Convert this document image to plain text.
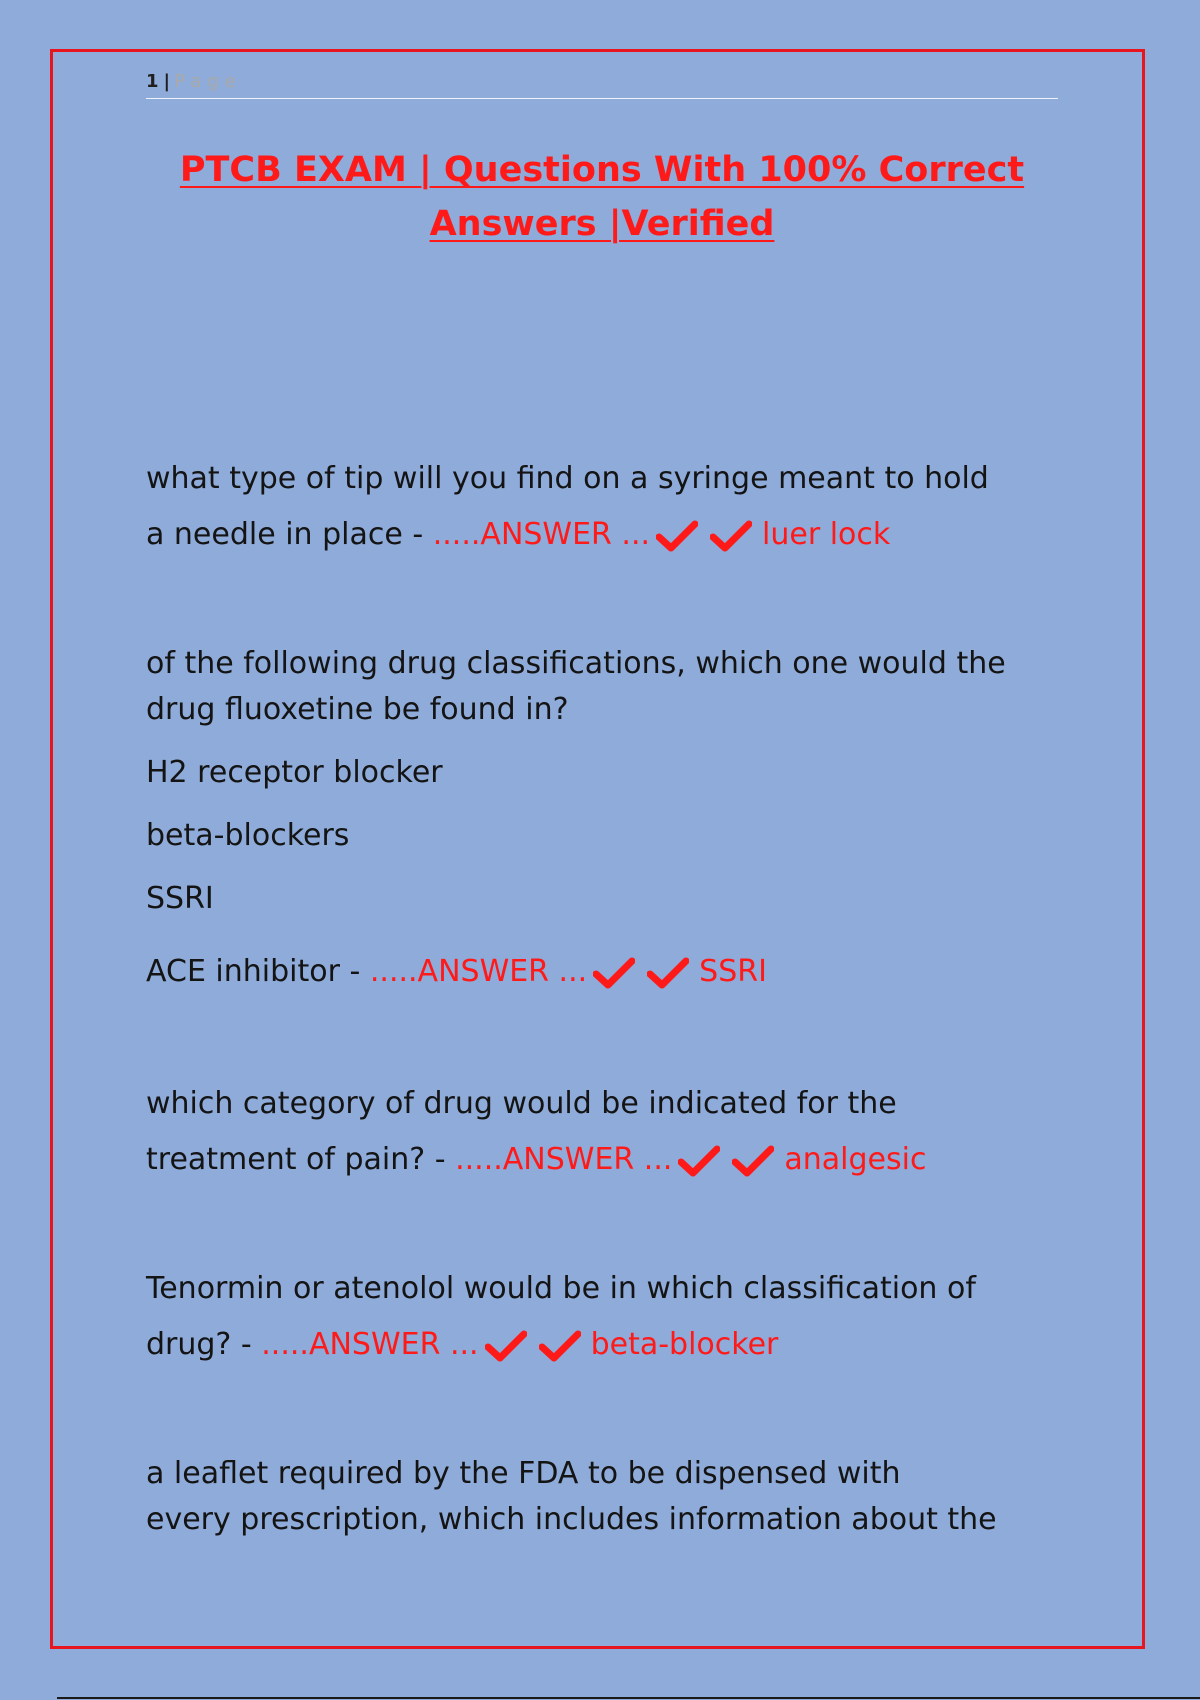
1 | Page
PTCB EXAM | Questions With 100% Correct
Answers |Verified

what type of tip will you find on a syringe meant to hold

a needle in place - .....ANSWER ...	luer lock

of the following drug classifications, which one would the

drug fluoxetine be found in?

H2 receptor blocker

beta-blockers

SSRI

ACE inhibitor - .....ANSWER ...	SSRI

which category of drug would be indicated for the

treatment of pain? - .....ANSWER ...	analgesic

Tenormin or atenolol would be in which classification of

drug? - .....ANSWER ...	beta-blocker

a leaflet required by the FDA to be dispensed with

every prescription, which includes information about the
